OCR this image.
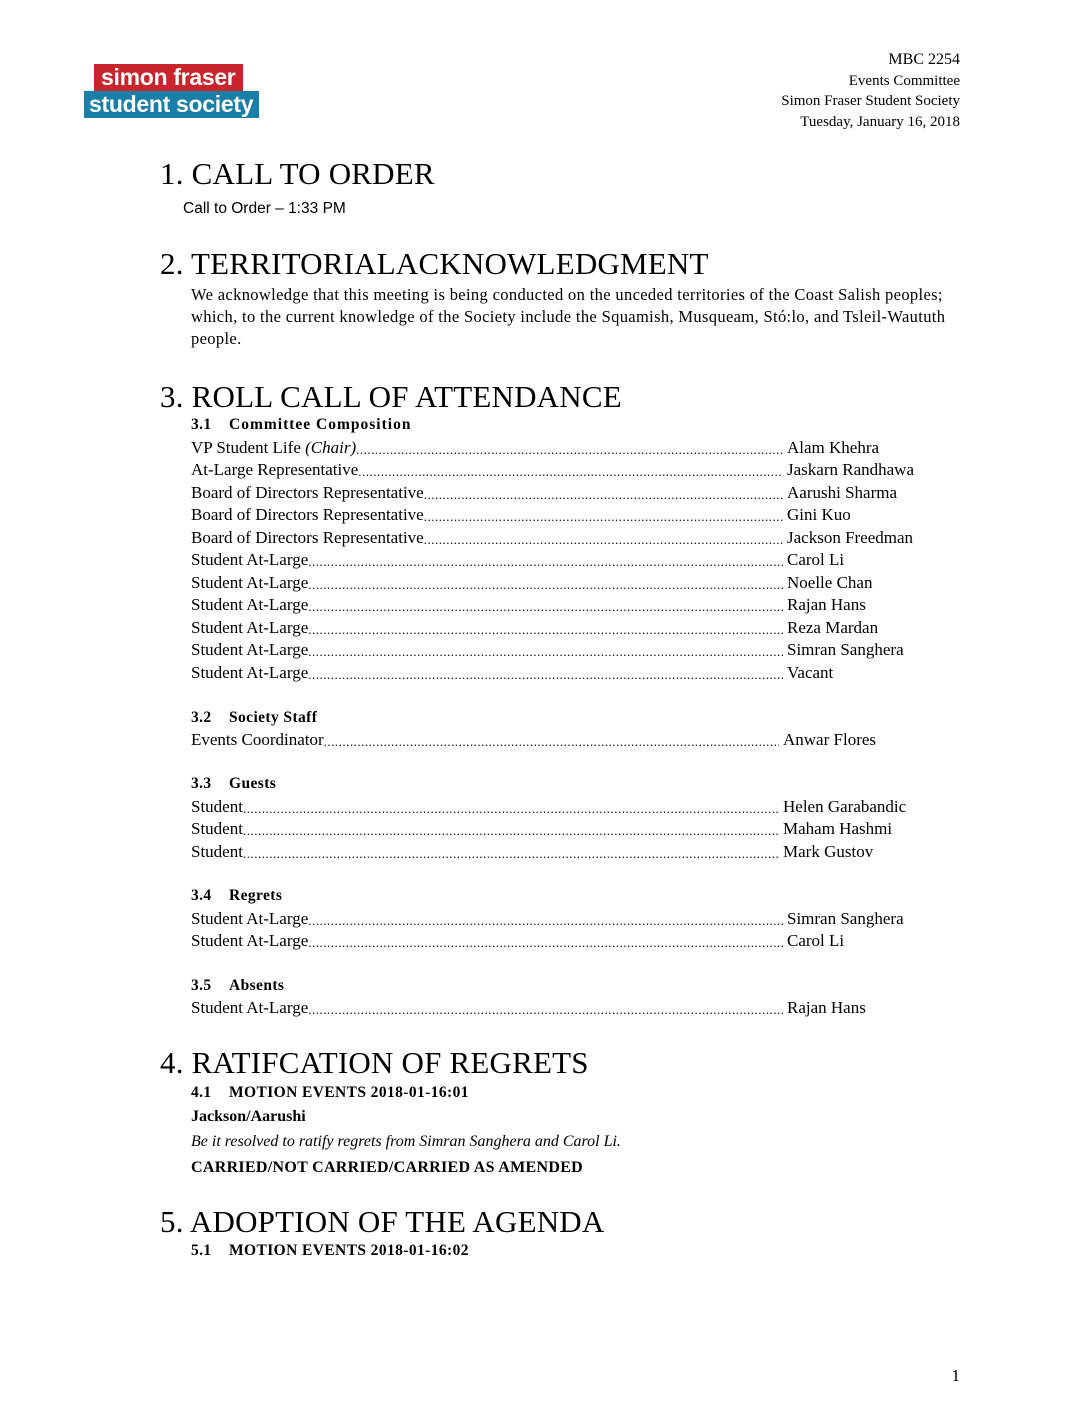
simon fraser
student society
MBC 2254
Events Committee
Simon Fraser Student Society
Tuesday, January 16, 2018
1. CALL TO ORDER
Call to Order – 1:33 PM
2. TERRITORIALACKNOWLEDGMENT
We acknowledge that this meeting is being conducted on the unceded territories of the Coast Salish peoples; which, to the current knowledge of the Society include the Squamish, Musqueam, Stó:lo, and Tsleil-Waututh people.
3. ROLL CALL OF ATTENDANCE
3.1 Committee Composition
VP Student Life (Chair) .....	Alam Khehra
At-Large Representative .....	Jaskarn Randhawa
Board of Directors Representative .....	Aarushi Sharma
Board of Directors Representative .....	Gini Kuo
Board of Directors Representative .....	Jackson Freedman
Student At-Large .....	Carol Li
Student At-Large .....	Noelle Chan
Student At-Large .....	Rajan Hans
Student At-Large .....	Reza Mardan
Student At-Large .....	Simran Sanghera
Student At-Large .....	Vacant
3.2 Society Staff
Events Coordinator .....	Anwar Flores
3.3 Guests
Student .....	Helen Garabandic
Student .....	Maham Hashmi
Student .....	Mark Gustov
3.4 Regrets
Student At-Large .....	Simran Sanghera
Student At-Large .....	Carol Li
3.5 Absents
Student At-Large .....	Rajan Hans
4. RATIFCATION OF REGRETS
4.1 MOTION EVENTS 2018-01-16:01
Jackson/Aarushi
Be it resolved to ratify regrets from Simran Sanghera and Carol Li.
CARRIED/NOT CARRIED/CARRIED AS AMENDED
5. ADOPTION OF THE AGENDA
5.1 MOTION EVENTS 2018-01-16:02
1
